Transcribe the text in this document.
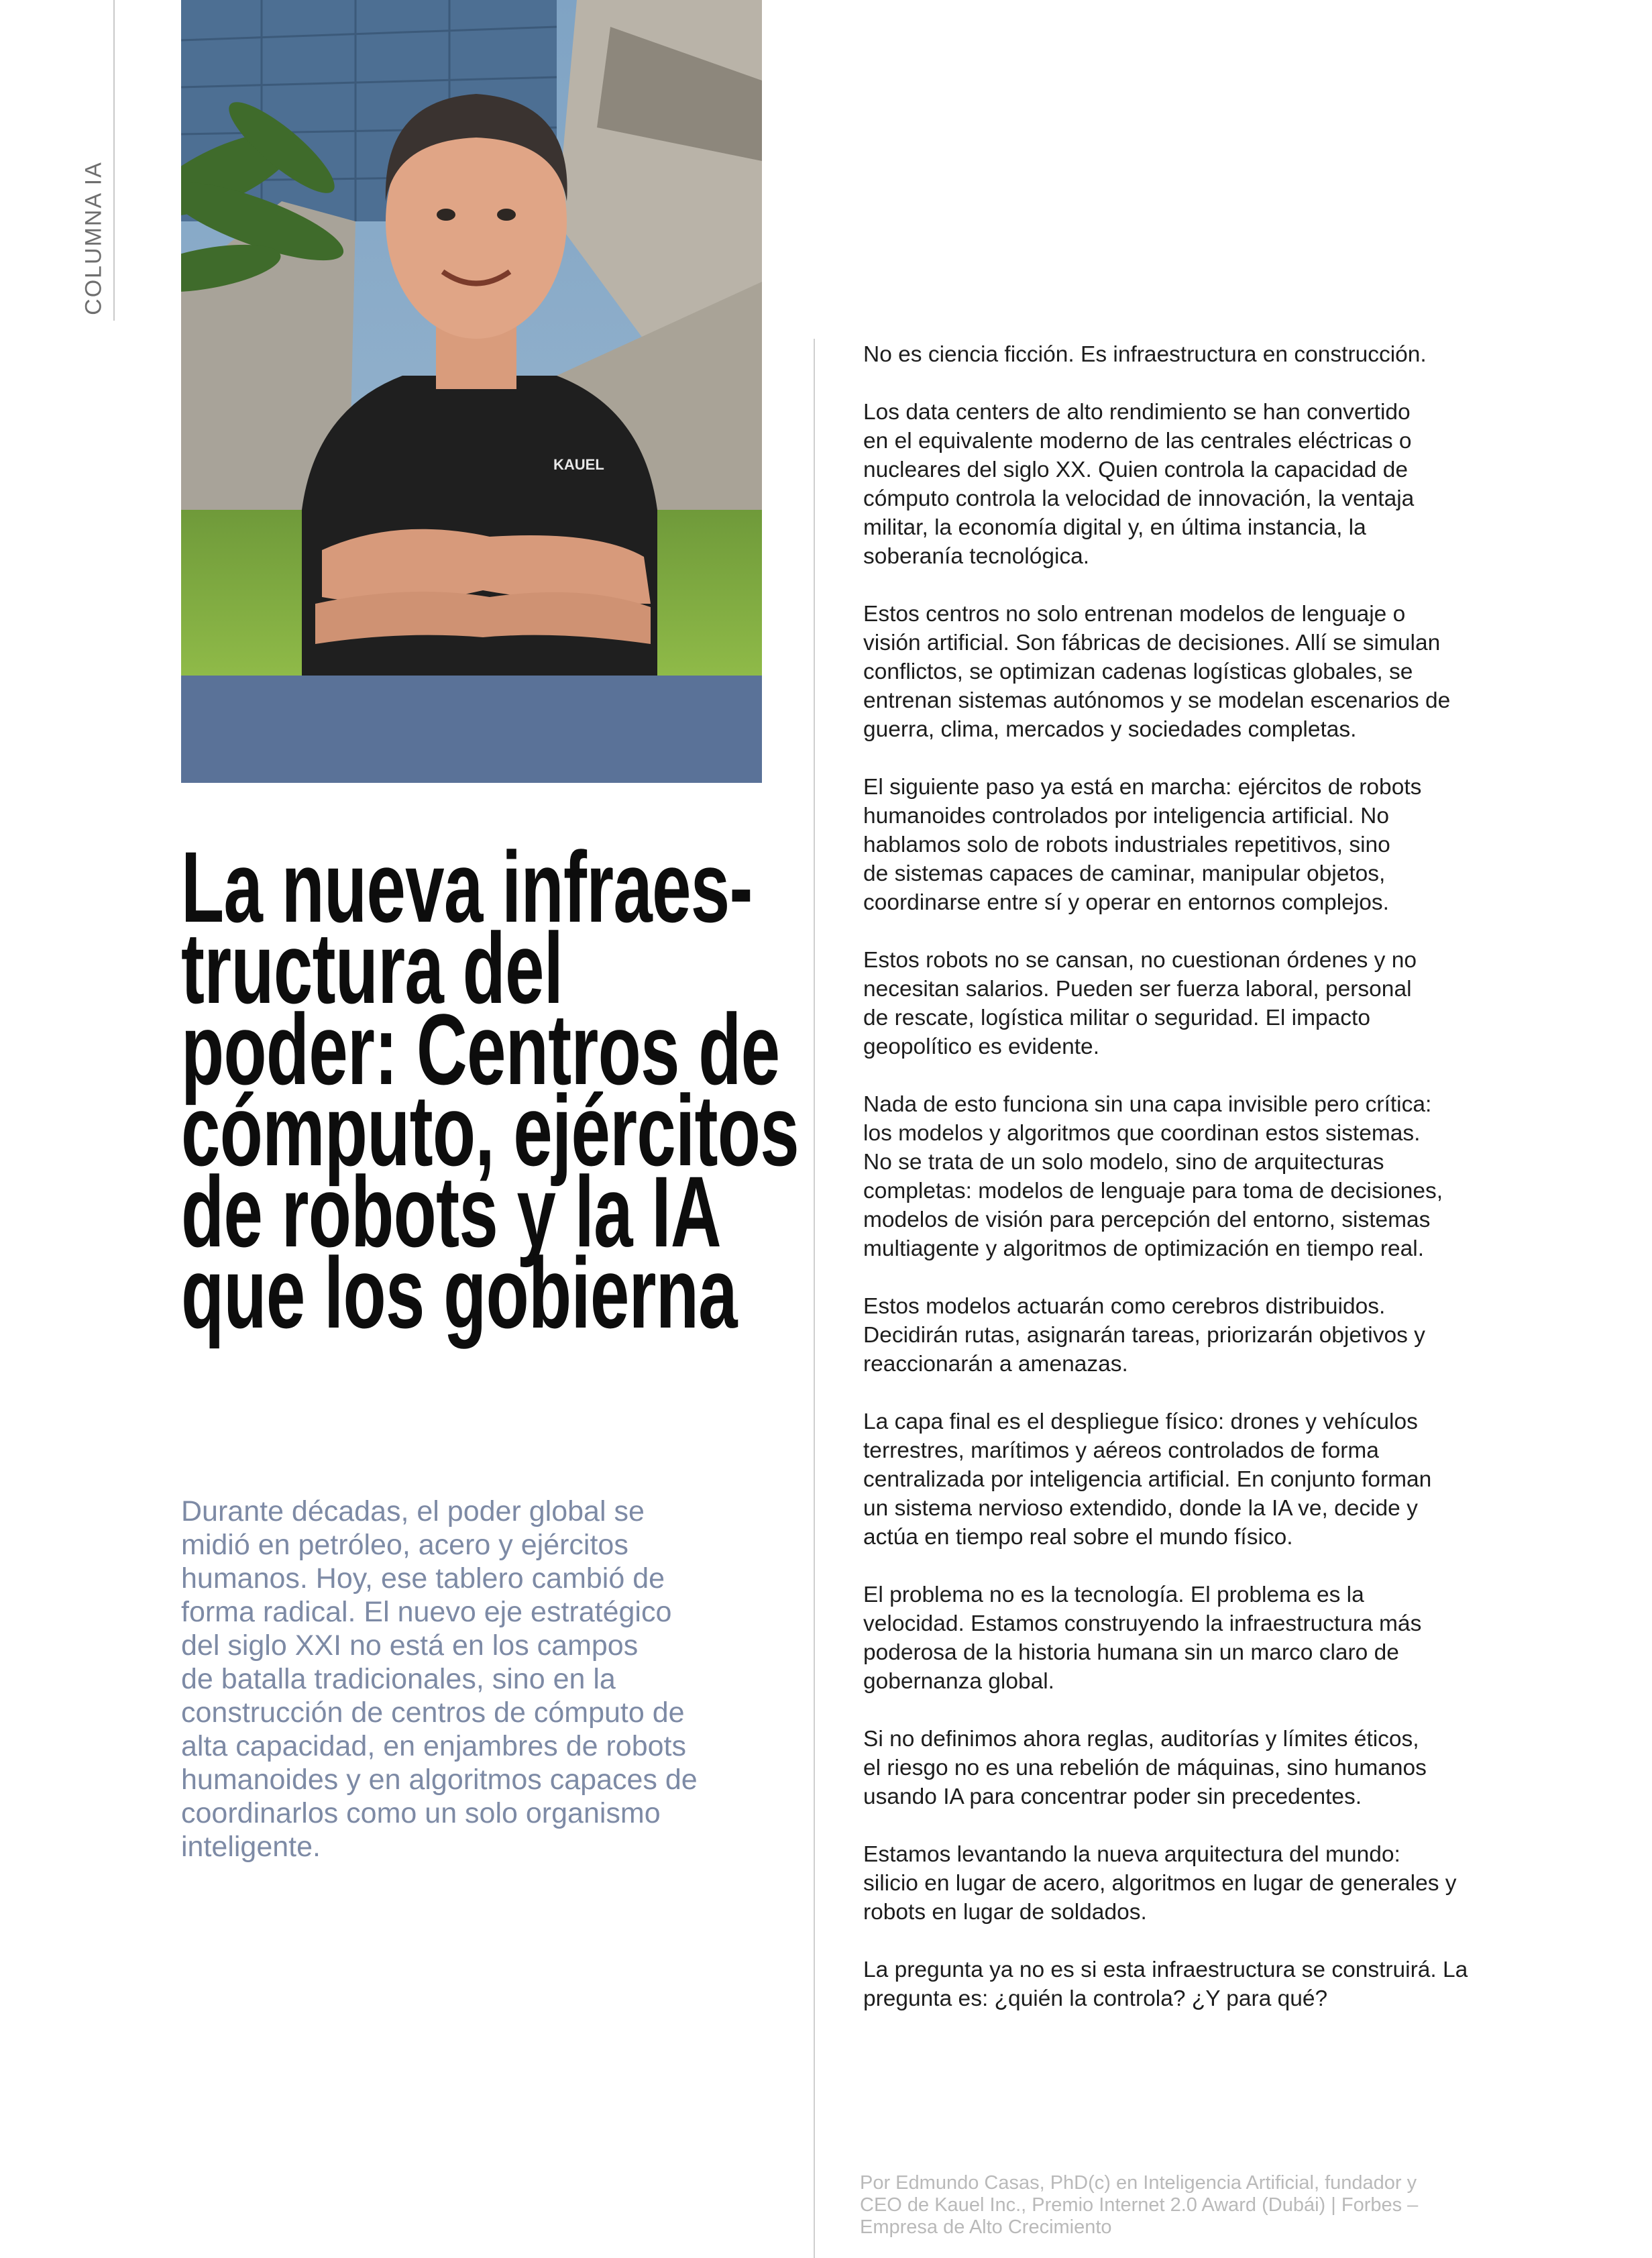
COLUMNA IA
KAUEL
La nueva infraes-
tructura del
poder: Centros de
cómputo, ejércitos
de robots y la IA
que los gobierna

Durante décadas, el poder global se
midió en petróleo, acero y ejércitos
humanos. Hoy, ese tablero cambió de
forma radical. El nuevo eje estratégico
del siglo XXI no está en los campos
de batalla tradicionales, sino en la
construcción de centros de cómputo de
alta capacidad, en enjambres de robots
humanoides y en algoritmos capaces de
coordinarlos como un solo organismo
inteligente.

No es ciencia ficción. Es infraestructura en construcción.

Los data centers de alto rendimiento se han convertido
en el equivalente moderno de las centrales eléctricas o
nucleares del siglo XX. Quien controla la capacidad de
cómputo controla la velocidad de innovación, la ventaja
militar, la economía digital y, en última instancia, la
soberanía tecnológica.

Estos centros no solo entrenan modelos de lenguaje o
visión artificial. Son fábricas de decisiones. Allí se simulan
conflictos, se optimizan cadenas logísticas globales, se
entrenan sistemas autónomos y se modelan escenarios de
guerra, clima, mercados y sociedades completas.

El siguiente paso ya está en marcha: ejércitos de robots
humanoides controlados por inteligencia artificial. No
hablamos solo de robots industriales repetitivos, sino
de sistemas capaces de caminar, manipular objetos,
coordinarse entre sí y operar en entornos complejos.

Estos robots no se cansan, no cuestionan órdenes y no
necesitan salarios. Pueden ser fuerza laboral, personal
de rescate, logística militar o seguridad. El impacto
geopolítico es evidente.

Nada de esto funciona sin una capa invisible pero crítica:
los modelos y algoritmos que coordinan estos sistemas.
No se trata de un solo modelo, sino de arquitecturas
completas: modelos de lenguaje para toma de decisiones,
modelos de visión para percepción del entorno, sistemas
multiagente y algoritmos de optimización en tiempo real.

Estos modelos actuarán como cerebros distribuidos.
Decidirán rutas, asignarán tareas, priorizarán objetivos y
reaccionarán a amenazas.

La capa final es el despliegue físico: drones y vehículos
terrestres, marítimos y aéreos controlados de forma
centralizada por inteligencia artificial. En conjunto forman
un sistema nervioso extendido, donde la IA ve, decide y
actúa en tiempo real sobre el mundo físico.

El problema no es la tecnología. El problema es la
velocidad. Estamos construyendo la infraestructura más
poderosa de la historia humana sin un marco claro de
gobernanza global.

Si no definimos ahora reglas, auditorías y límites éticos,
el riesgo no es una rebelión de máquinas, sino humanos
usando IA para concentrar poder sin precedentes.

Estamos levantando la nueva arquitectura del mundo:
silicio en lugar de acero, algoritmos en lugar de generales y
robots en lugar de soldados.

La pregunta ya no es si esta infraestructura se construirá. La
pregunta es: ¿quién la controla? ¿Y para qué?

Por Edmundo Casas, PhD(c) en Inteligencia Artificial, fundador y
CEO de Kauel Inc., Premio Internet 2.0 Award (Dubái) | Forbes –
Empresa de Alto Crecimiento
